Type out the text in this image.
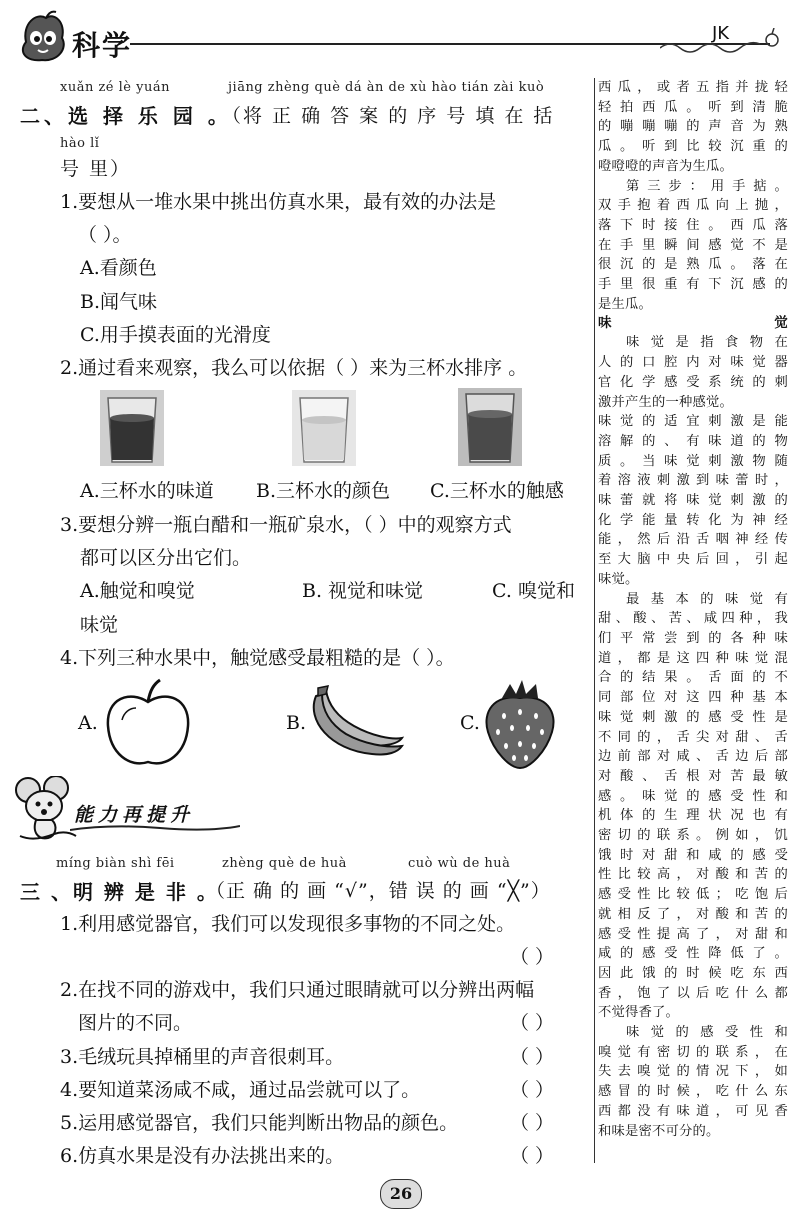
科学	JK
xuǎn zé lè yuán	jiāng zhèng què dá àn de xù hào tián zài kuò
二、选 择 乐 园 。
（将 正 确 答 案 的 序 号 填 在 括
hào lǐ
号 里）
1.要想从一堆水果中挑出仿真水果，最有效的办法是
（ ）。
A.看颜色
B.闻气味
C.用手摸表面的光滑度
2.通过看来观察，我么可以依据（ ）来为三杯水排序 。
A.三杯水的味道 B.三杯水的颜色 C.三杯水的触感
3.要想分辨一瓶白醋和一瓶矿泉水，（ ）中的观察方式
都可以区分出它们。
A.触觉和嗅觉	B. 视觉和味觉	C. 嗅觉和
味觉
4.下列三种水果中，触觉感受最粗糙的是（ ）。
A.	B.	C.
能力再提升
míng biàn shì fēi	zhèng què de huà	cuò wù de huà
三 、明 辨 是 非 。
（正 确 的 画 “√”，错 误 的 画 “╳”）
1.利用感觉器官，我们可以发现很多事物的不同之处。
（ ）
2.在找不同的游戏中，我们只通过眼睛就可以分辨出两幅
图片的不同。	（ ）
3.毛绒玩具掉桶里的声音很刺耳。	（ ）
4.要知道菜汤咸不咸，通过品尝就可以了。	（ ）
5.运用感觉器官，我们只能判断出物品的颜色。	（ ）
6.仿真水果是没有办法挑出来的。	（ ）

西瓜，或者五指并拢轻

轻拍西瓜。听到清脆

的嘣嘣嘣的声音为熟

瓜。听到比较沉重的

噔噔噔的声音为生瓜。

第三步：用手掂。

双手抱着西瓜向上抛，

落下时接住。西瓜落

在手里瞬间感觉不是

很沉的是熟瓜。落在

手里很重有下沉感的

是生瓜。

味觉

味觉是指食物在

人的口腔内对味觉器

官化学感受系统的刺

激并产生的一种感觉。

味觉的适宜刺激是能

溶解的、有味道的物

质。当味觉刺激物随

着溶液刺激到味蕾时，

味蕾就将味觉刺激的

化学能量转化为神经

能，然后沿舌咽神经传

至大脑中央后回，引起

味觉。

最基本的味觉有

甜、酸、苦、咸四种，我

们平常尝到的各种味

道，都是这四种味觉混

合的结果。舌面的不

同部位对这四种基本

味觉刺激的感受性是

不同的，舌尖对甜、舌

边前部对咸、舌边后部

对酸、舌根对苦最敏

感。味觉的感受性和

机体的生理状况也有

密切的联系。例如，饥

饿时对甜和咸的感受

性比较高，对酸和苦的

感受性比较低；吃饱后

就相反了，对酸和苦的

感受性提高了，对甜和

咸的感受性降低了。

因此饿的时候吃东西

香，饱了以后吃什么都

不觉得香了。

味觉的感受性和

嗅觉有密切的联系，在

失去嗅觉的情况下，如

感冒的时候，吃什么东

西都没有味道，可见香

和味是密不可分的。

26
